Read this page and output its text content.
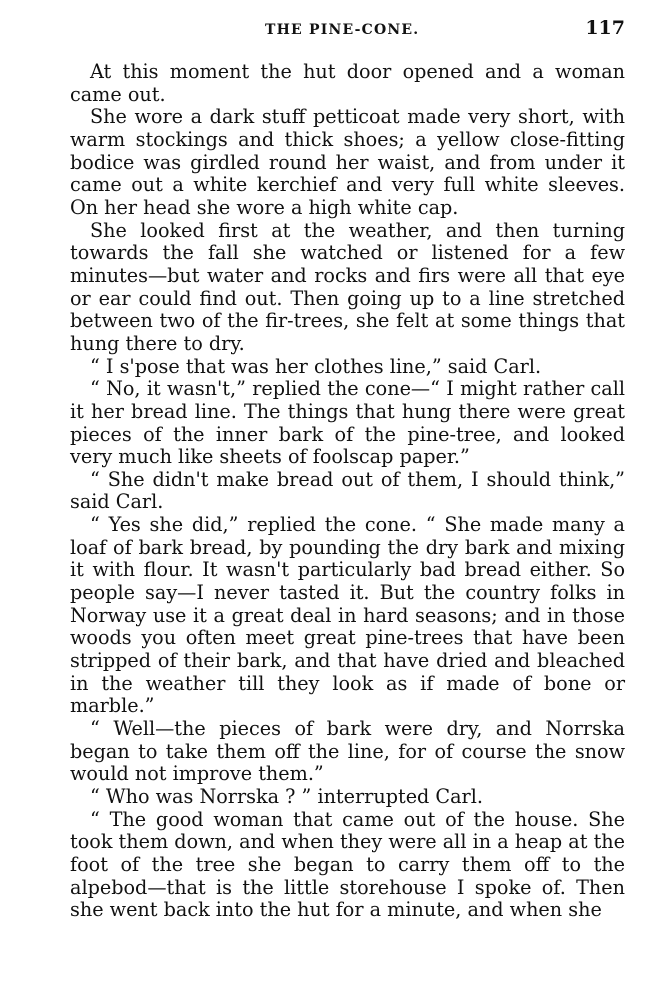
THE PINE-CONE.	117

At this moment the hut door opened and a woman came out.

She wore a dark stuff petticoat made very short, with warm stockings and thick shoes; a yellow close-fitting bodice was girdled round her waist, and from under it came out a white kerchief and very full white sleeves. On her head she wore a high white cap.

She looked first at the weather, and then turning towards the fall she watched or listened for a few minutes—but water and rocks and firs were all that eye or ear could find out. Then going up to a line stretched between two of the fir-trees, she felt at some things that hung there to dry.

“ I s'pose that was her clothes line,” said Carl.

“ No, it wasn't,” replied the cone—“ I might rather call it her bread line. The things that hung there were great pieces of the inner bark of the pine-tree, and looked very much like sheets of foolscap paper.”

“ She didn't make bread out of them, I should think,” said Carl.

“ Yes she did,” replied the cone. “ She made many a loaf of bark bread, by pounding the dry bark and mixing it with flour. It wasn't particularly bad bread either. So people say—I never tasted it. But the country folks in Norway use it a great deal in hard seasons; and in those woods you often meet great pine-trees that have been stripped of their bark, and that have dried and bleached in the weather till they look as if made of bone or marble.”

“ Well—the pieces of bark were dry, and Norrska began to take them off the line, for of course the snow would not improve them.”

“ Who was Norrska ? ” interrupted Carl.

“ The good woman that came out of the house. She took them down, and when they were all in a heap at the foot of the tree she began to carry them off to the alpebod—that is the little storehouse I spoke of. Then she went back into the hut for a minute, and when she
